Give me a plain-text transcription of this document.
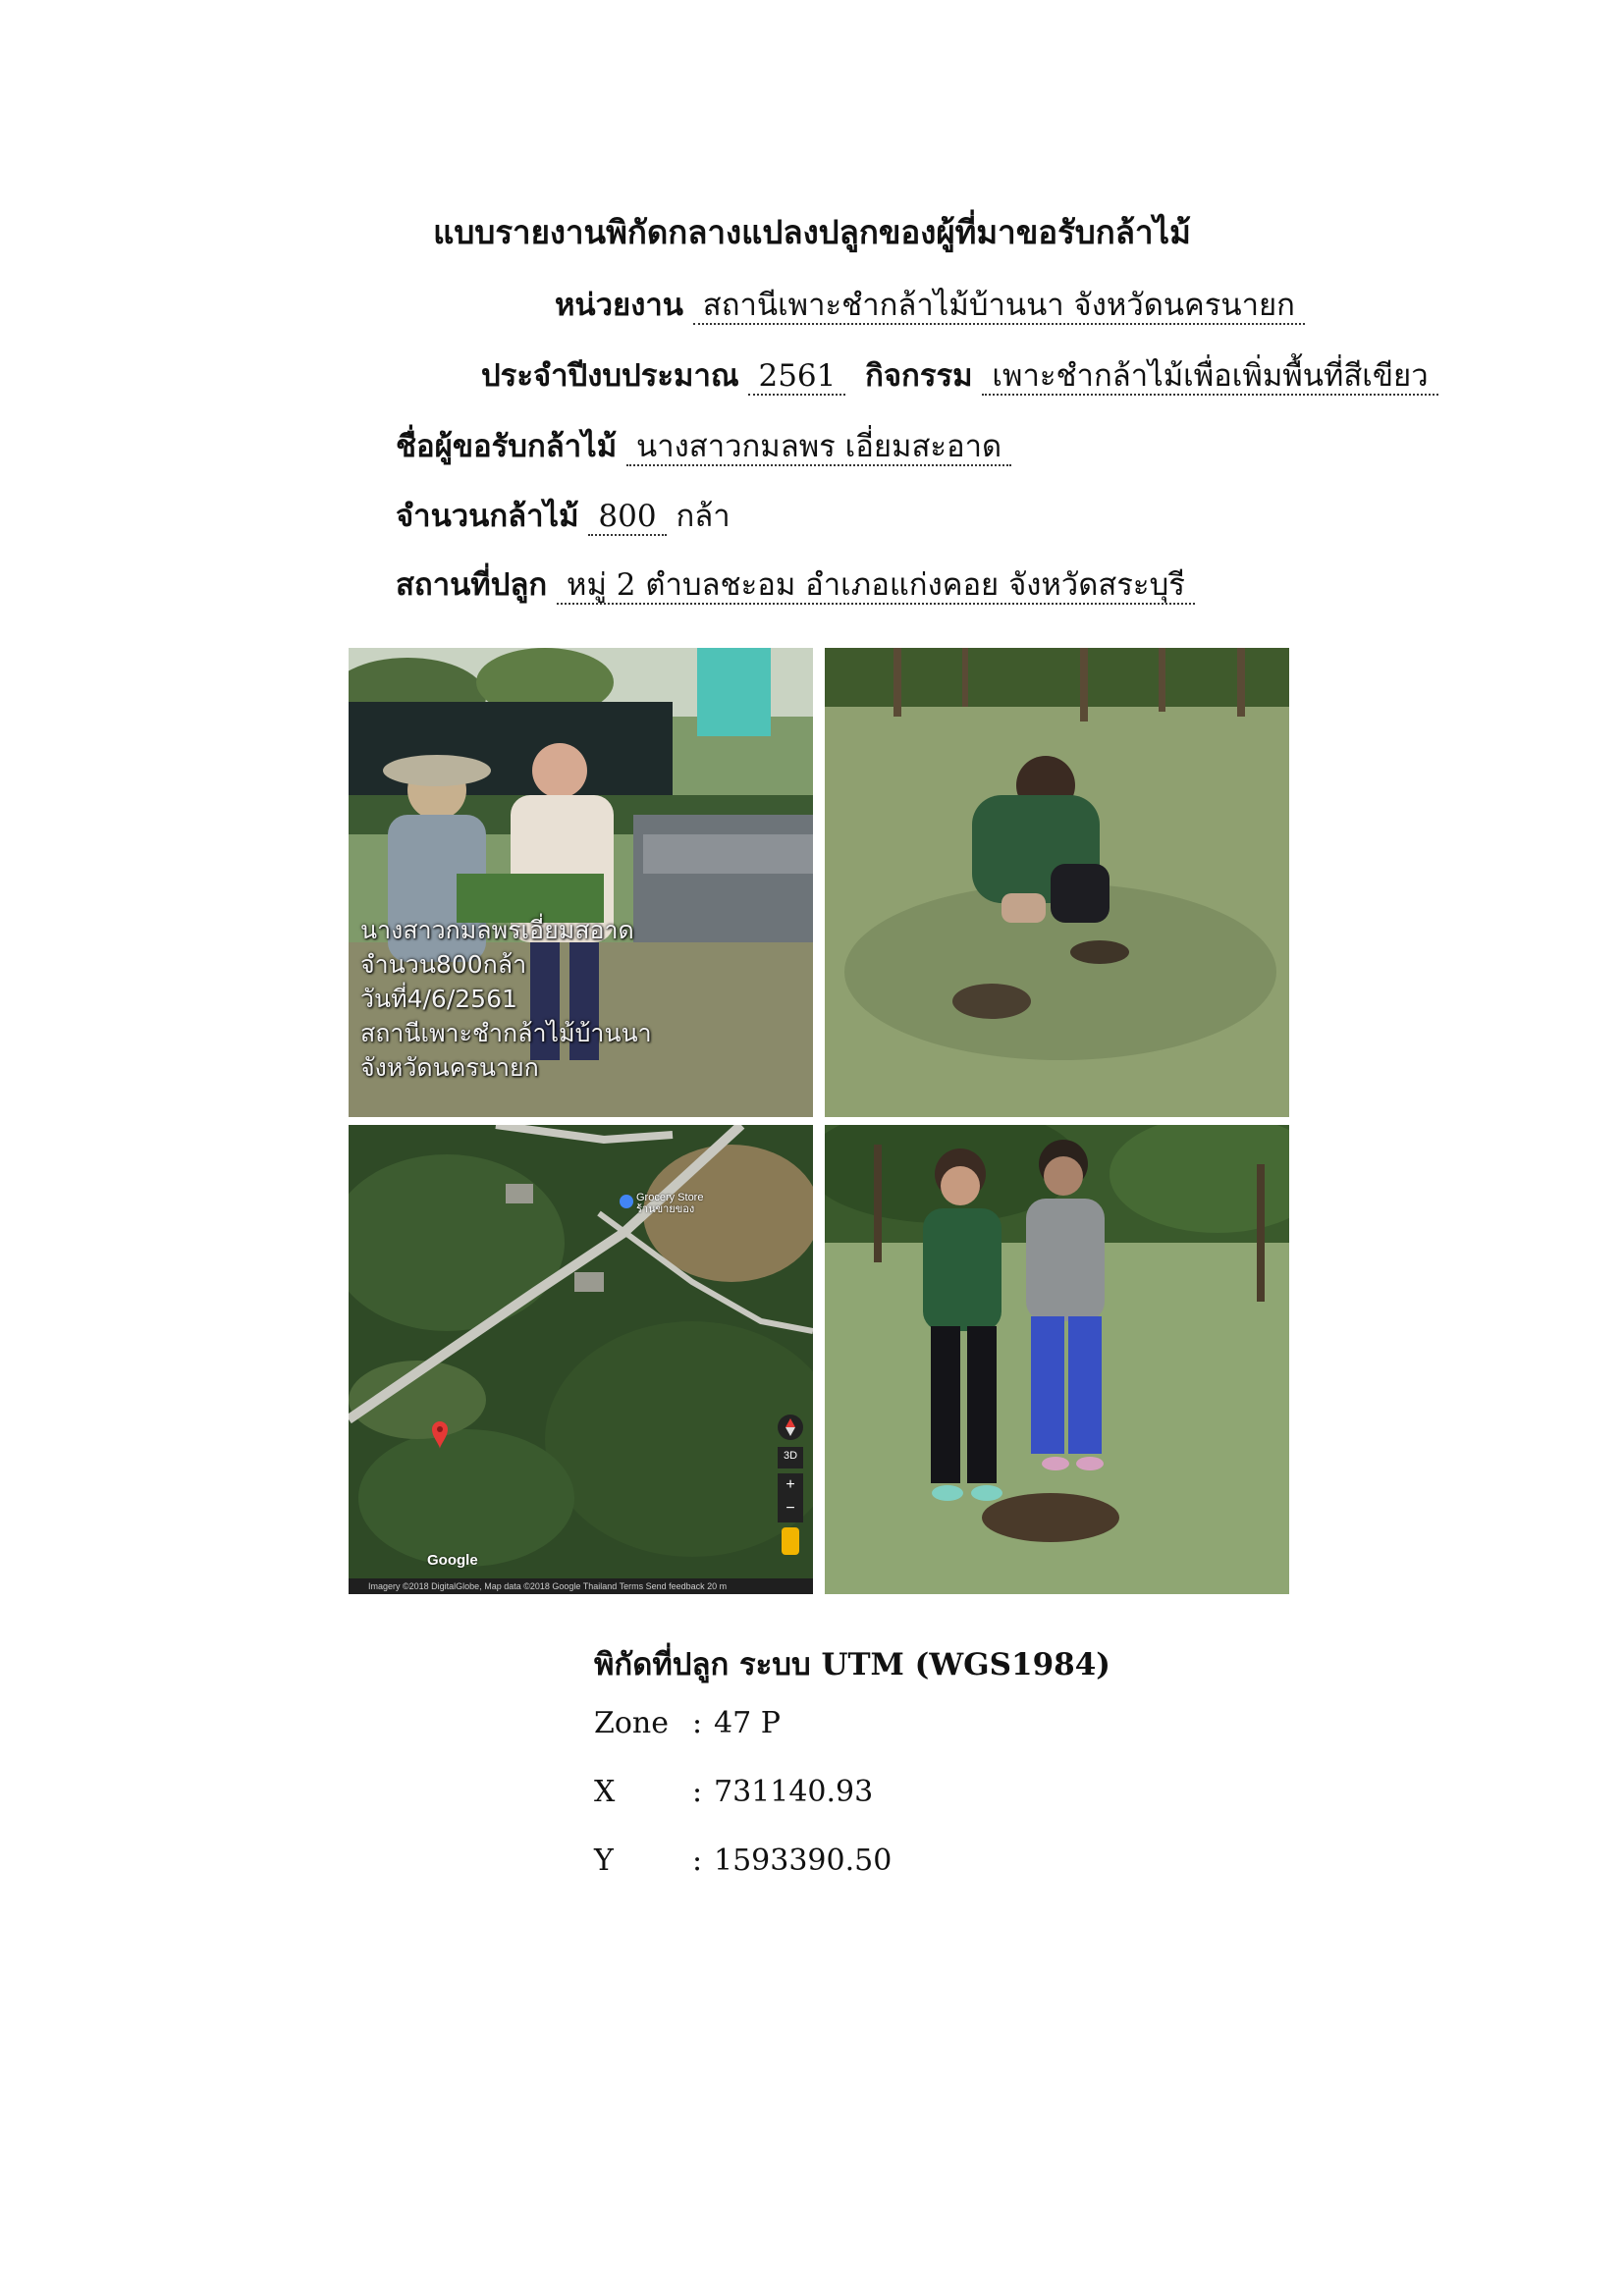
แบบรายงานพิกัดกลางแปลงปลูกของผู้ที่มาขอรับกล้าไม้
หน่วยงาน สถานีเพาะชำกล้าไม้บ้านนา จังหวัดนครนายก
ประจำปีงบประมาณ 2561 กิจกรรม เพาะชำกล้าไม้เพื่อเพิ่มพื้นที่สีเขียว
ชื่อผู้ขอรับกล้าไม้ นางสาวกมลพร เอี่ยมสะอาด
จำนวนกล้าไม้ 800 กล้า
สถานที่ปลูก หมู่ 2 ตำบลชะอม อำเภอแก่งคอย จังหวัดสระบุรี
นางสาวกมลพรเอี่ยมสอาด
จำนวน800กล้า
วันที่4/6/2561
สถานีเพาะชำกล้าไม้บ้านนา
จังหวัดนครนายก
Grocery Store
ร้านขายของ
Google
3D
+
−
Imagery ©2018 DigitalGlobe, Map data ©2018 Google Thailand Terms Send feedback 20 m
พิกัดที่ปลูก ระบบ UTM (WGS1984)
Zone : 47 P
X	: 731140.93
Y	: 1593390.50
